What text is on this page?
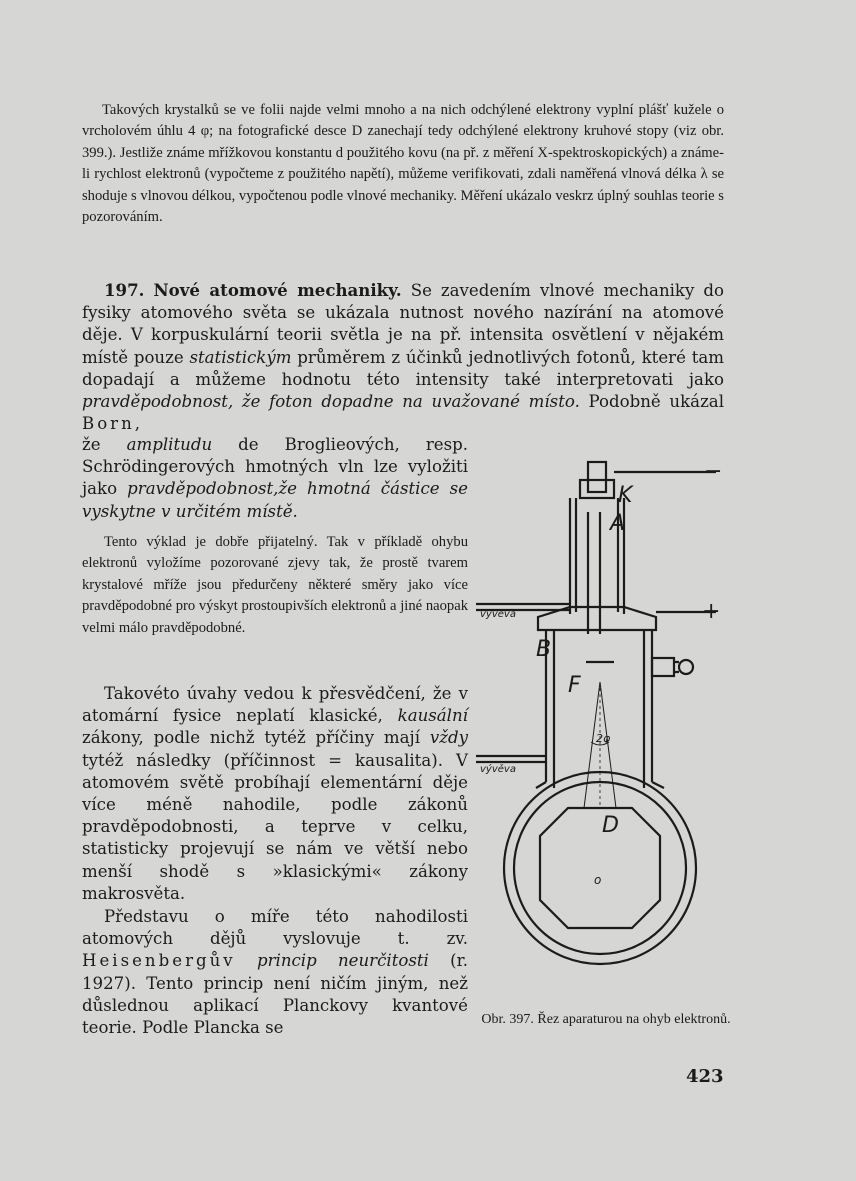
Takových krystalků se ve folii najde velmi mnoho a na nich odchýlené elektrony vyplní plášť kužele o vrcholovém úhlu 4 φ; na fotografické desce D zanechají tedy odchýlené elektrony kruhové stopy (viz obr. 399.). Jestliže známe mřížkovou konstantu d použitého kovu (na př. z měření X-spektroskopických) a známe-li rychlost elektronů (vypočteme z použitého napětí), můžeme verifikovati, zdali naměřená vlnová délka λ se shoduje s vlnovou délkou, vypočtenou podle vlnové mechaniky. Měření ukázalo veskrz úplný souhlas teorie s pozorováním.
197. Nové atomové mechaniky. Se zavedením vlnové mechaniky do fysiky atomového světa se ukázala nutnost nového nazírání na atomové děje. V korpuskulární teorii světla je na př. intensita osvětlení v nějakém místě pouze statistickým průměrem z účinků jednotlivých fotonů, které tam dopadají a můžeme hodnotu této intensity také interpretovati jako pravděpodobnost, že foton dopadne na uvažované místo. Podobně ukázal Born,
že amplitudu de Broglieových, resp. Schrödingerových hmotných vln lze vyložiti jako pravděpodobnost,že hmotná částice se vyskytne v určitém místě.
Tento výklad je dobře přijatelný. Tak v příkladě ohybu elektronů vyložíme pozorované zjevy tak, že prostě tvarem krystalové mříže jsou předurčeny některé směry jako více pravděpodobné pro výskyt prostoupivších elektronů a jiné naopak velmi málo pravděpodobné.
Takovéto úvahy vedou k přesvědčení, že v atomární fysice neplatí klasické, kausální zákony, podle nichž tytéž příčiny mají vždy tytéž následky (příčinnost = kausalita). V atomovém světě probíhají elementární děje více méně nahodile, podle zákonů pravděpodobnosti, a teprve v celku, statisticky projevují se nám ve větší nebo menší shodě s »klasickými« zákony makrosvěta.
Představu o míře této nahodilosti atomových dějů vyslovuje t. zv. Heisenbergův princip neurčitosti (r. 1927). Tento princip není ničím jiným, než důslednou aplikací Planckovy kvantové teorie. Podle Plancka se
−
+
K
A
B
F
D
vývěva
vývěva
2φ
o
Obr. 397. Řez aparaturou na ohyb elektronů.
423
